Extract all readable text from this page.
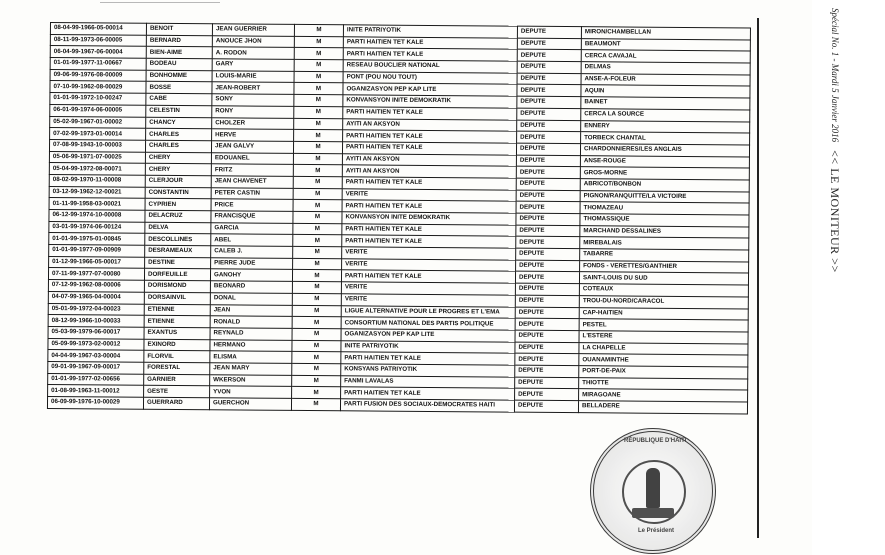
08-04-99-1966-05-00014	BENOIT	JEAN GUERRIER	M	INITE PATRIYOTIK	DEPUTE	MIRON/CHAMBELLAN
08-11-99-1973-06-00005	BERNARD	ANOUCE JHON	M	PARTI HAITIEN TET KALE	DEPUTE	BEAUMONT
06-04-99-1967-06-00004	BIEN-AIME	A. RODON	M	PARTI HAITIEN TET KALE	DEPUTE	CERCA CAVAJAL
01-01-99-1977-11-00667	BODEAU	GARY	M	RESEAU BOUCLIER NATIONAL	DEPUTE	DELMAS
09-06-99-1976-08-00009	BONHOMME	LOUIS-MARIE	M	PONT (POU NOU TOUT)	DEPUTE	ANSE-A-FOLEUR
07-10-99-1962-08-00029	BOSSE	JEAN-ROBERT	M	OGANIZASYON PEP KAP LITE	DEPUTE	AQUIN
01-01-99-1972-10-00247	CABE	SONY	M	KONVANSYON INITE DEMOKRATIK	DEPUTE	BAINET
06-01-99-1974-06-00005	CELESTIN	RONY	M	PARTI HAITIEN TET KALE	DEPUTE	CERCA LA SOURCE
05-02-99-1967-01-00002	CHANCY	CHOLZER	M	AYITI AN AKSYON	DEPUTE	ENNERY
07-02-99-1973-01-00014	CHARLES	HERVE	M	PARTI HAITIEN TET KALE	DEPUTE	TORBECK CHANTAL
07-08-99-1943-10-00003	CHARLES	JEAN GALVY	M	PARTI HAITIEN TET KALE	DEPUTE	CHARDONNIERES/LES ANGLAIS
05-06-99-1971-07-00025	CHERY	EDOUANEL	M	AYITI AN AKSYON	DEPUTE	ANSE-ROUGE
05-04-99-1972-08-00071	CHERY	FRITZ	M	AYITI AN AKSYON	DEPUTE	GROS-MORNE
08-02-99-1970-11-00008	CLERJOUR	JEAN CHAVENET	M	PARTI HAITIEN TET KALE	DEPUTE	ABRICOT/BONBON
03-12-99-1962-12-00021	CONSTANTIN	PETER CASTIN	M	VERITE	DEPUTE	PIGNON/RANQUITTE/LA VICTOIRE
01-11-99-1958-03-00021	CYPRIEN	PRICE	M	PARTI HAITIEN TET KALE	DEPUTE	THOMAZEAU
06-12-99-1974-10-00008	DELACRUZ	FRANCISQUE	M	KONVANSYON INITE DEMOKRATIK	DEPUTE	THOMASSIQUE
03-01-99-1974-06-00124	DELVA	GARCIA	M	PARTI HAITIEN TET KALE	DEPUTE	MARCHAND DESSALINES
01-01-99-1975-01-00845	DESCOLLINES	ABEL	M	PARTI HAITIEN TET KALE	DEPUTE	MIREBALAIS
01-01-99-1977-09-00909	DESRAMEAUX	CALEB J.	M	VERITE	DEPUTE	TABARRE
01-12-99-1966-05-00017	DESTINE	PIERRE JUDE	M	VERITE	DEPUTE	FONDS - VERETTES/GANTHIER
07-11-99-1977-07-00080	DORFEUILLE	GANOHY	M	PARTI HAITIEN TET KALE	DEPUTE	SAINT-LOUIS DU SUD
07-12-99-1962-08-00006	DORISMOND	BEONARD	M	VERITE	DEPUTE	COTEAUX
04-07-99-1965-04-00004	DORSAINVIL	DONAL	M	VERITE	DEPUTE	TROU-DU-NORD/CARACOL
05-01-99-1972-04-00023	ETIENNE	JEAN	M	LIGUE ALTERNATIVE POUR LE PROGRES ET L'EMA	DEPUTE	CAP-HAITIEN
08-12-99-1966-10-00033	ETIENNE	RONALD	M	CONSORTIUM NATIONAL DES PARTIS POLITIQUE	DEPUTE	PESTEL
05-03-99-1979-06-00017	EXANTUS	REYNALD	M	OGANIZASYON PEP KAP LITE	DEPUTE	L'ESTERE
05-09-99-1973-02-00012	EXINORD	HERMANO	M	INITE PATRIYOTIK	DEPUTE	LA CHAPELLE
04-04-99-1967-03-00004	FLORVIL	ELISMA	M	PARTI HAITIEN TET KALE	DEPUTE	OUANAMINTHE
09-01-99-1967-09-00017	FORESTAL	JEAN MARY	M	KONSYANS PATRIYOTIK	DEPUTE	PORT-DE-PAIX
01-01-99-1977-02-00656	GARNIER	WKERSON	M	FANMI LAVALAS	DEPUTE	THIOTTE
01-08-99-1963-11-00012	GESTE	YVON	M	PARTI HAITIEN TET KALE	DEPUTE	MIRAGOANE
06-09-99-1976-10-00029	GUERRARD	GUERCHON	M	PARTI FUSION DES SOCIAUX-DEMOCRATES HAITI	DEPUTE	BELLADERE
Spécial No. 1 - Mardi 5 Janvier 2016  << LE MONITEUR >>
RÉPUBLIQUE D'HAÏTI
Le Président
